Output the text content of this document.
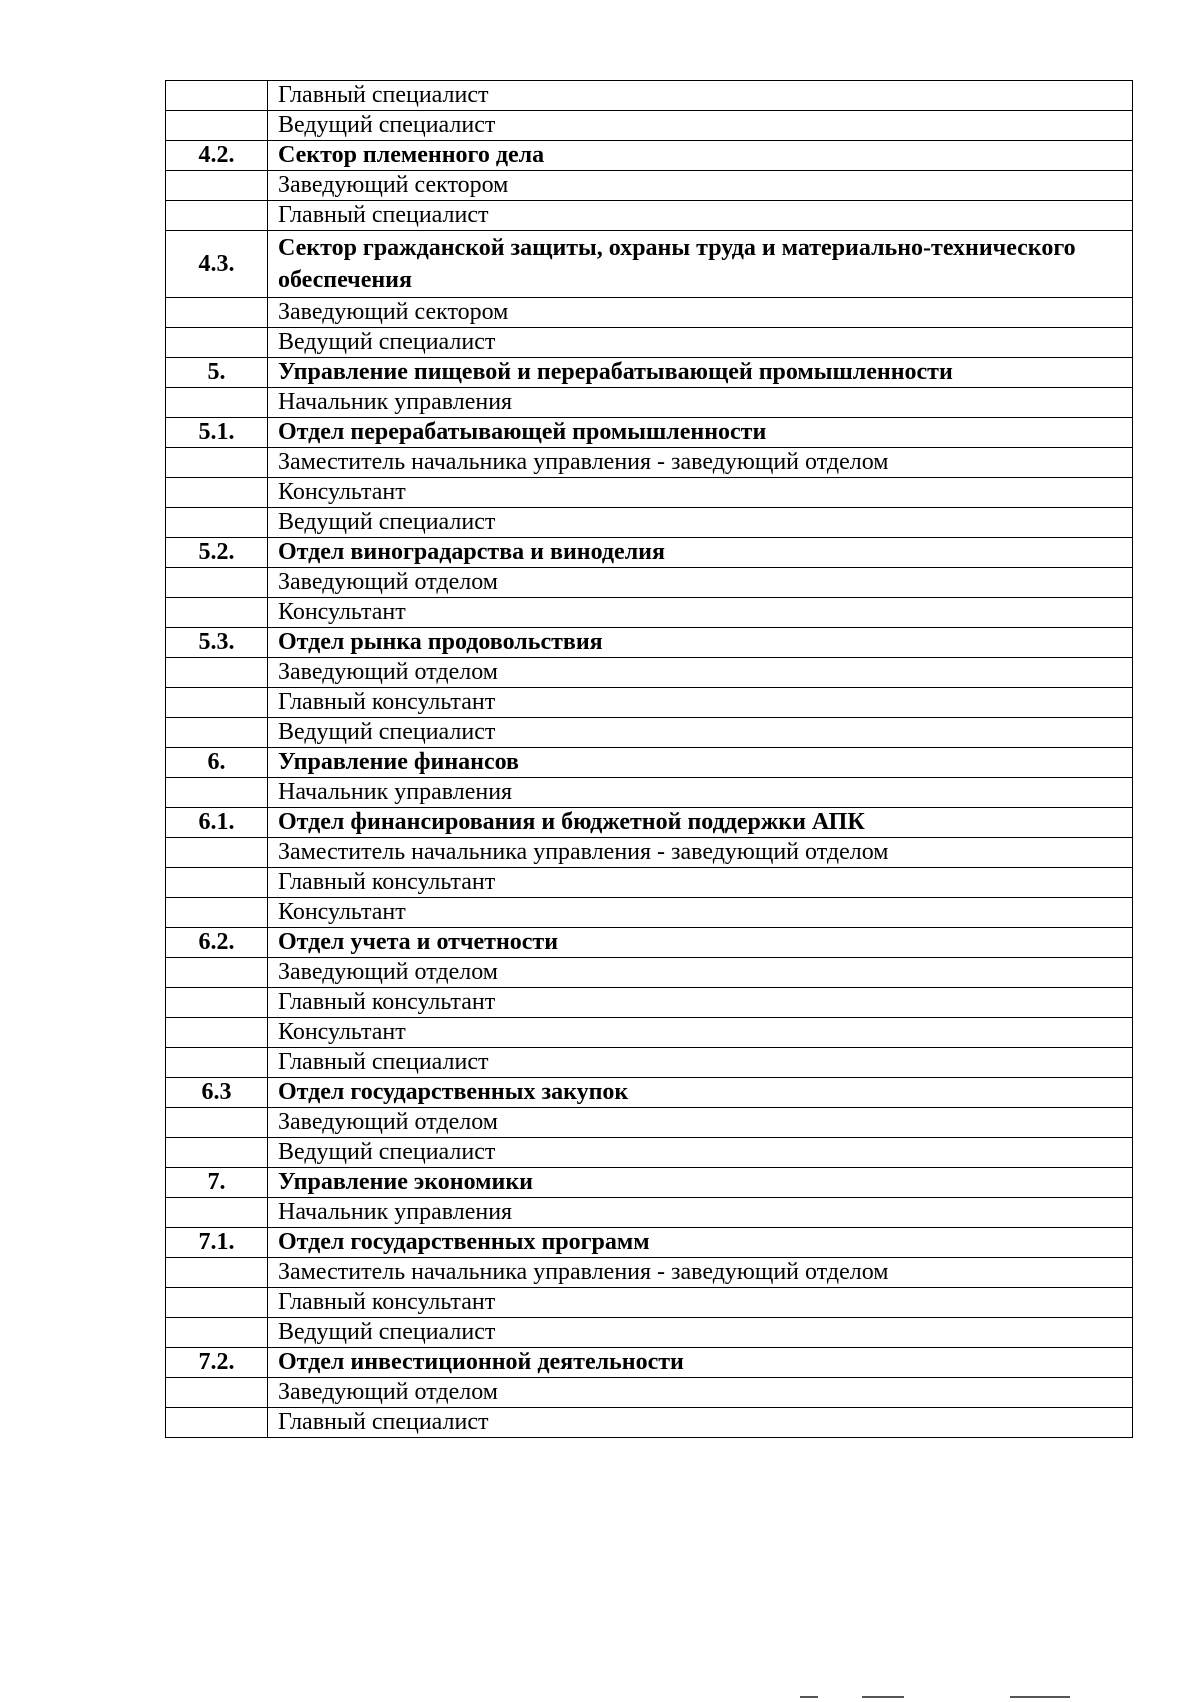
	Главный специалист
	Ведущий специалист
4.2.	Сектор племенного дела
	Заведующий сектором
	Главный специалист
4.3.	Сектор гражданской защиты, охраны труда и материально-технического обеспечения
	Заведующий сектором
	Ведущий специалист
5.	Управление пищевой и перерабатывающей промышленности
	Начальник управления
5.1.	Отдел перерабатывающей промышленности
	Заместитель начальника управления - заведующий отделом
	Консультант
	Ведущий специалист
5.2.	Отдел виноградарства и виноделия
	Заведующий отделом
	Консультант
5.3.	Отдел рынка продовольствия
	Заведующий отделом
	Главный консультант
	Ведущий специалист
6.	Управление финансов
	Начальник управления
6.1.	Отдел финансирования и бюджетной поддержки АПК
	Заместитель начальника управления - заведующий отделом
	Главный консультант
	Консультант
6.2.	Отдел учета и отчетности
	Заведующий отделом
	Главный консультант
	Консультант
	Главный специалист
6.3	Отдел государственных закупок
	Заведующий отделом
	Ведущий специалист
7.	Управление экономики
	Начальник управления
7.1.	Отдел государственных программ
	Заместитель начальника управления - заведующий отделом
	Главный консультант
	Ведущий специалист
7.2.	Отдел инвестиционной деятельности
	Заведующий отделом
	Главный специалист
